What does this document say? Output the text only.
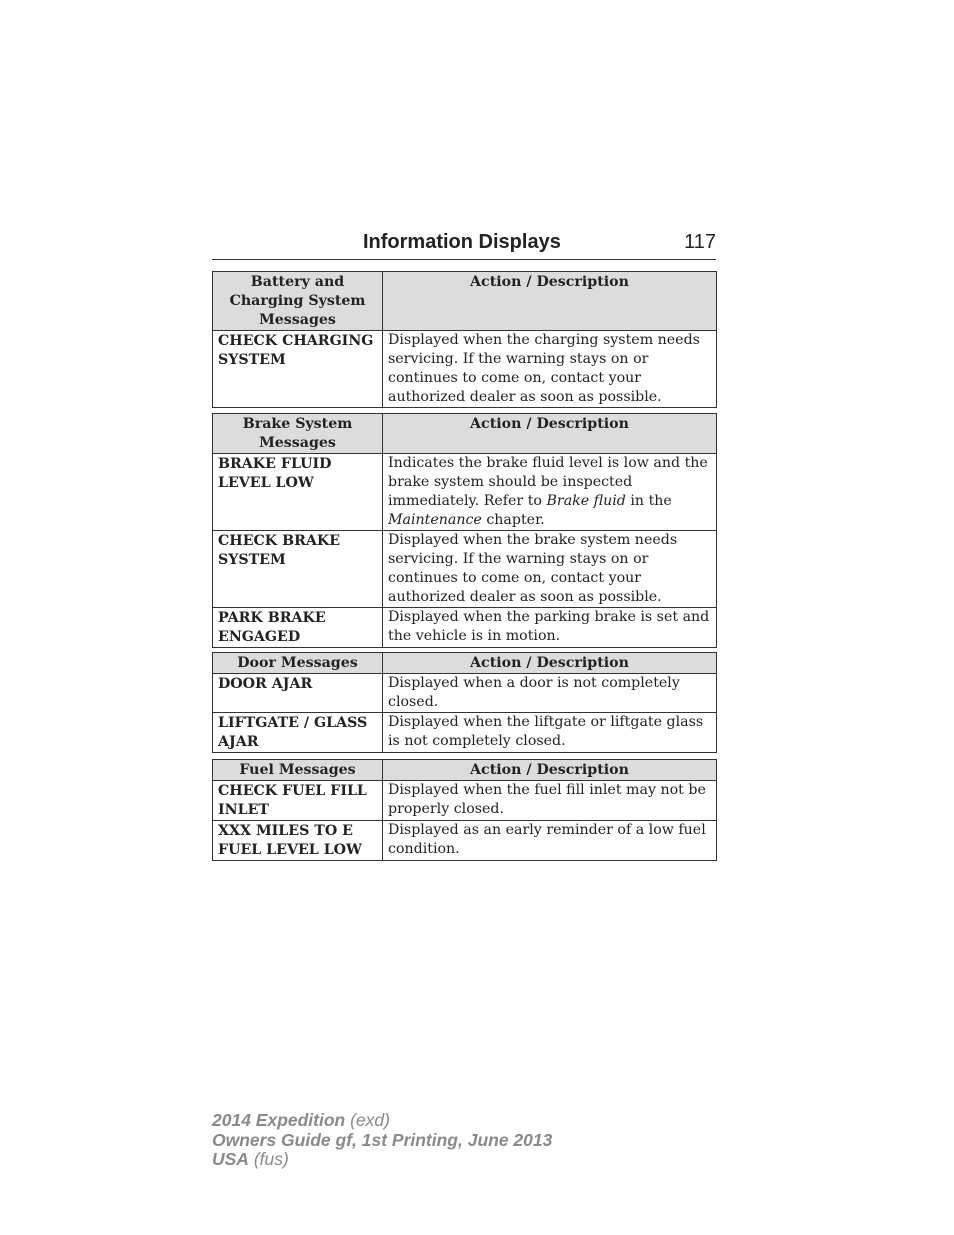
Information Displays	117
Battery and Charging System Messages	Action / Description
CHECK CHARGING SYSTEM	Displayed when the charging system needs servicing. If the warning stays on or continues to come on, contact your authorized dealer as soon as possible.
Brake System Messages	Action / Description
BRAKE FLUID LEVEL LOW	Indicates the brake fluid level is low and the brake system should be inspected immediately. Refer to Brake fluid in the Maintenance chapter.
CHECK BRAKE SYSTEM	Displayed when the brake system needs servicing. If the warning stays on or continues to come on, contact your authorized dealer as soon as possible.
PARK BRAKE ENGAGED	Displayed when the parking brake is set and the vehicle is in motion.
Door Messages	Action / Description
DOOR AJAR	Displayed when a door is not completely closed.
LIFTGATE / GLASS AJAR	Displayed when the liftgate or liftgate glass is not completely closed.
Fuel Messages	Action / Description
CHECK FUEL FILL INLET	Displayed when the fuel fill inlet may not be properly closed.
XXX MILES TO E FUEL LEVEL LOW	Displayed as an early reminder of a low fuel condition.
2014 Expedition (exd)
Owners Guide gf, 1st Printing, June 2013
USA (fus)
